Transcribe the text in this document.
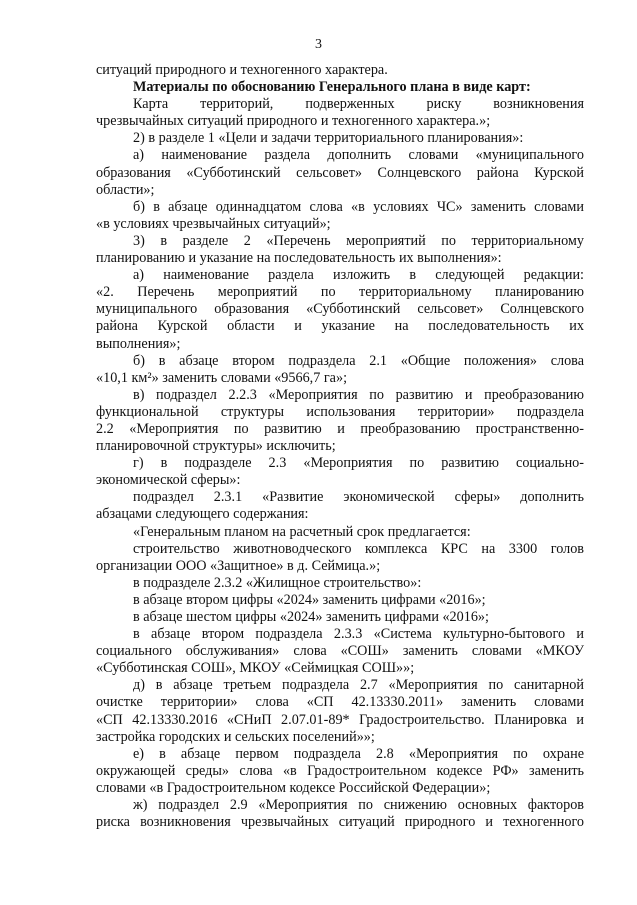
3
ситуаций природного и техногенного характера.
Материалы по обоснованию Генерального плана в виде карт:
Карта территорий, подверженных риску возникновения
чрезвычайных ситуаций природного и техногенного характера.»;
2) в разделе 1 «Цели и задачи территориального планирования»:
а) наименование раздела дополнить словами «муниципального
образования «Субботинский сельсовет» Солнцевского района Курской
области»;
б) в абзаце одиннадцатом слова «в условиях ЧС» заменить словами
«в условиях чрезвычайных ситуаций»;
3) в разделе 2 «Перечень мероприятий по территориальному
планированию и указание на последовательность их выполнения»:
а) наименование раздела изложить в следующей редакции:
«2. Перечень мероприятий по территориальному планированию
муниципального образования «Субботинский сельсовет» Солнцевского
района Курской области и указание на последовательность их
выполнения»;
б) в абзаце втором подраздела 2.1 «Общие положения» слова
«10,1 км²» заменить словами «9566,7 га»;
в) подраздел 2.2.3 «Мероприятия по развитию и преобразованию
функциональной структуры использования территории» подраздела
2.2 «Мероприятия по развитию и преобразованию пространственно-
планировочной структуры» исключить;
г) в подразделе 2.3 «Мероприятия по развитию социально-
экономической сферы»:
подраздел 2.3.1 «Развитие экономической сферы» дополнить
абзацами следующего содержания:
«Генеральным планом на расчетный срок предлагается:
строительство животноводческого комплекса КРС на 3300 голов
организации ООО «Защитное» в д. Сеймица.»;
в подразделе 2.3.2 «Жилищное строительство»:
в абзаце втором цифры «2024» заменить цифрами «2016»;
в абзаце шестом цифры «2024» заменить цифрами «2016»;
в абзаце втором подраздела 2.3.3 «Система культурно-бытового и
социального обслуживания» слова «СОШ» заменить словами «МКОУ
«Субботинская СОШ», МКОУ «Сеймицкая СОШ»»;
д) в абзаце третьем подраздела 2.7 «Мероприятия по санитарной
очистке территории» слова «СП 42.13330.2011» заменить словами
«СП 42.13330.2016 «СНиП 2.07.01-89* Градостроительство. Планировка и
застройка городских и сельских поселений»»;
е) в абзаце первом подраздела 2.8 «Мероприятия по охране
окружающей среды» слова «в Градостроительном кодексе РФ» заменить
словами «в Градостроительном кодексе Российской Федерации»;
ж) подраздел 2.9 «Мероприятия по снижению основных факторов
риска возникновения чрезвычайных ситуаций природного и техногенного
